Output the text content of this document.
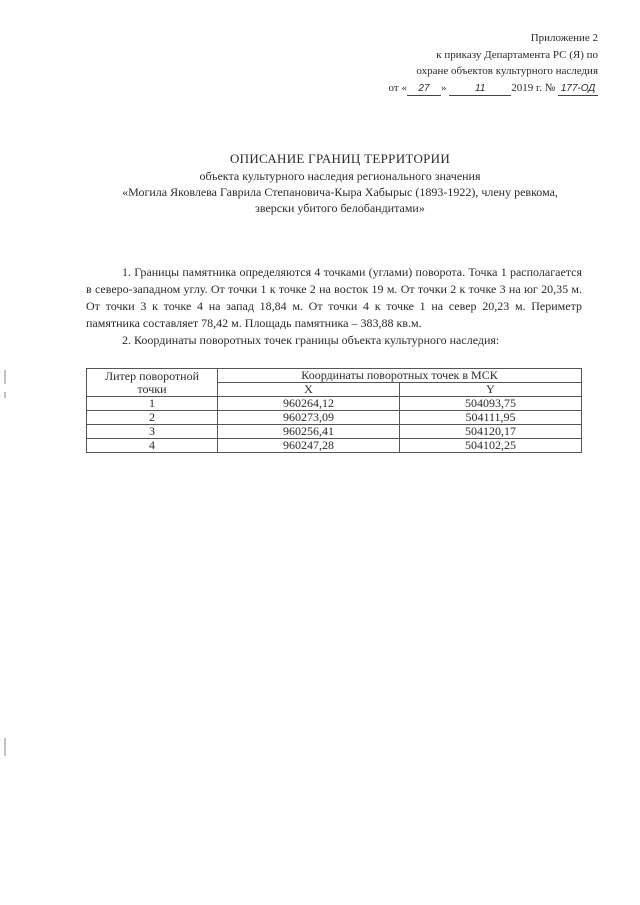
Приложение 2
к приказу Департамента РС (Я) по
охране объектов культурного наследия
от « 27 »	11 2019 г. № 177-ОД
ОПИСАНИЕ ГРАНИЦ ТЕРРИТОРИИ
объекта культурного наследия регионального значения
«Могила Яковлева Гаврила Степановича-Кыра Хабырыс (1893-1922), члену ревкома,
зверски убитого белобандитами»

1. Границы памятника определяются 4 точками (углами) поворота. Точка 1 располагается в северо-западном углу. От точки 1 к точке 2 на восток 19 м. От точки 2 к точке 3 на юг 20,35 м. От точки 3 к точке 4 на запад 18,84 м. От точки 4 к точке 1 на север 20,23 м. Периметр памятника составляет 78,42 м. Площадь памятника – 383,88 кв.м.

2. Координаты поворотных точек границы объекта культурного наследия:

Литер поворотной точки	Координаты поворотных точек в МСК	
	X	Y
1	960264,12	504093,75
2	960273,09	504111,95
3	960256,41	504120,17
4	960247,28	504102,25
